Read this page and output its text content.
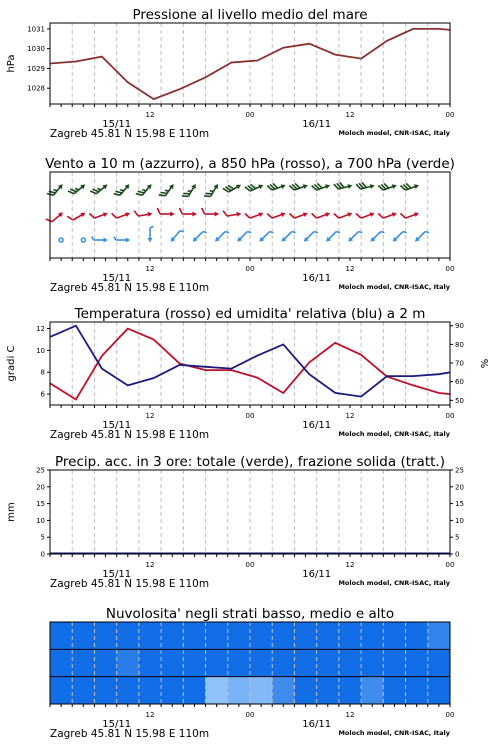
Pressione al livello medio del mare
1028
1029
1030
1031
hPa
12	00	12	00
15/11	16/11
Zagreb 45.81 N 15.98 E 110m	Moloch model, CNR-ISAC, Italy
Vento a 10 m (azzurro), a 850 hPa (rosso), a 700 hPa (verde)
12	00	12	00
15/11	16/11
Zagreb 45.81 N 15.98 E 110m	Moloch model, CNR-ISAC, Italy
Temperatura (rosso) ed umidita' relativa (blu) a 2 m
6
8
10
12
50
60
70
80
90
gradi C	%
12	00	12	00
15/11	16/11
Zagreb 45.81 N 15.98 E 110m	Moloch model, CNR-ISAC, Italy
Precip. acc. in 3 ore: totale (verde), frazione solida (tratt.)
0
5
10
15
20
25
0
5
10
15
20
25
mm
12	00	12	00
15/11	16/11
Zagreb 45.81 N 15.98 E 110m	Moloch model, CNR-ISAC, Italy
Nuvolosita' negli strati basso, medio e alto
12	00	12	00
15/11	16/11
Zagreb 45.81 N 15.98 E 110m	Moloch model, CNR-ISAC, Italy
